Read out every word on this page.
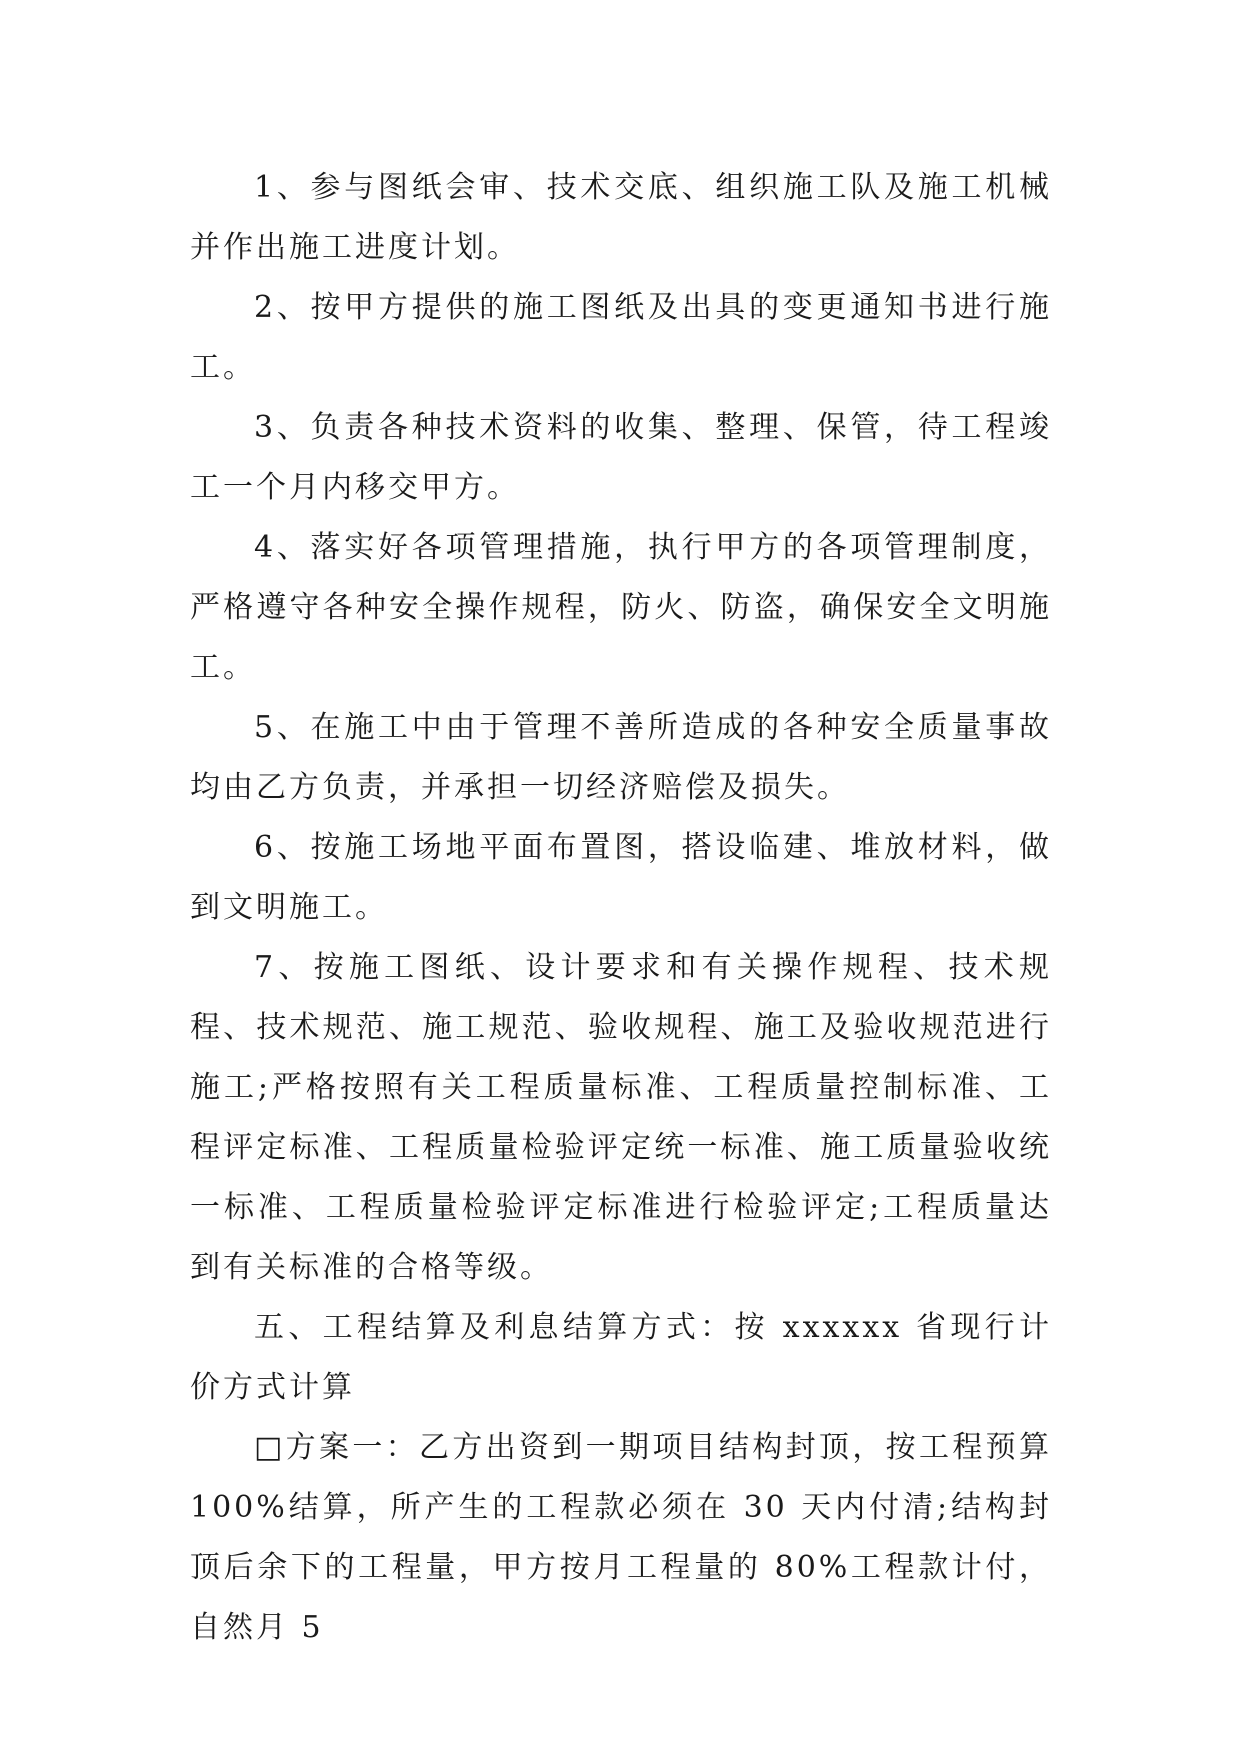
1、参与图纸会审、技术交底、组织施工队及施工机械并作出施工进度计划。

2、按甲方提供的施工图纸及出具的变更通知书进行施工。

3、负责各种技术资料的收集、整理、保管，待工程竣工一个月内移交甲方。

4、落实好各项管理措施，执行甲方的各项管理制度，严格遵守各种安全操作规程，防火、防盗，确保安全文明施工。

5、在施工中由于管理不善所造成的各种安全质量事故均由乙方负责，并承担一切经济赔偿及损失。

6、按施工场地平面布置图，搭设临建、堆放材料，做到文明施工。

7、按施工图纸、设计要求和有关操作规程、技术规程、技术规范、施工规范、验收规程、施工及验收规范进行施工;严格按照有关工程质量标准、工程质量控制标准、工程评定标准、工程质量检验评定统一标准、施工质量验收统一标准、工程质量检验评定标准进行检验评定;工程质量达到有关标准的合格等级。

五、工程结算及利息结算方式：按 xxxxxx 省现行计价方式计算

□方案一：乙方出资到一期项目结构封顶，按工程预算100%结算，所产生的工程款必须在 30 天内付清;结构封顶后余下的工程量，甲方按月工程量的 80%工程款计付，自然月 5
